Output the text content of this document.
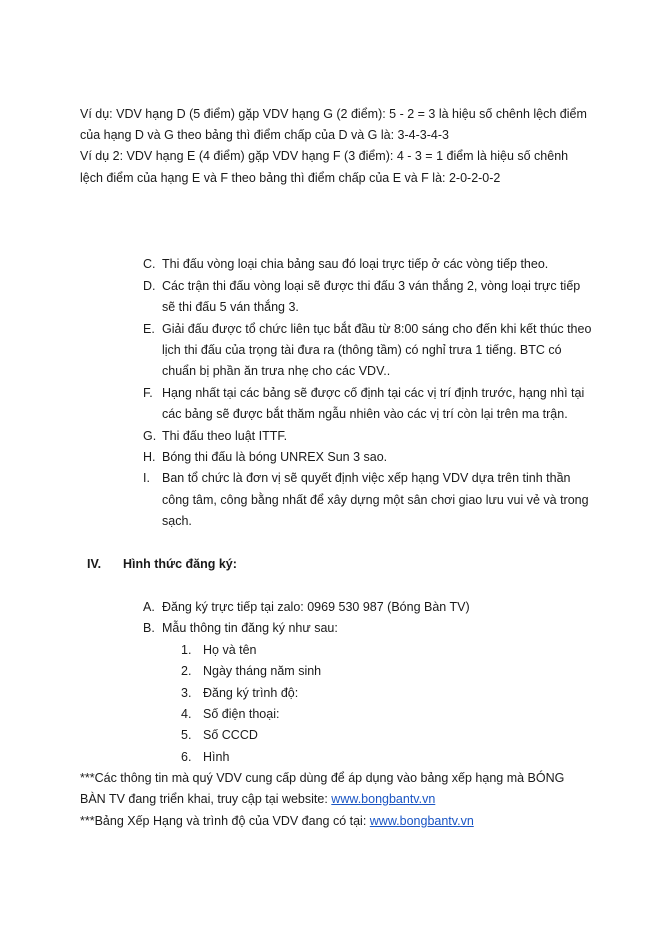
Ví dụ: VDV hạng D (5 điểm) gặp VDV hạng G (2 điểm): 5 - 2 = 3 là hiệu số chênh lệch điểm
của hạng D và G theo bảng thì điểm chấp của D và G là: 3-4-3-4-3
Ví dụ 2: VDV hạng E (4 điểm) gặp VDV hạng F (3 điểm): 4 - 3 = 1 điểm là hiệu số chênh
lệch điểm của hạng E và F theo bảng thì điểm chấp của E và F là: 2-0-2-0-2
C. Thi đấu vòng loại chia bảng sau đó loại trực tiếp ở các vòng tiếp theo.
D. Các trận thi đấu vòng loại sẽ được thi đấu 3 ván thắng 2, vòng loại trực tiếp
sẽ thi đấu 5 ván thắng 3.
E. Giải đấu được tổ chức liên tục bắt đầu từ 8:00 sáng cho đến khi kết thúc theo
lịch thi đấu của trọng tài đưa ra (thông tầm) có nghỉ trưa 1 tiếng. BTC có
chuẩn bị phần ăn trưa nhẹ cho các VDV..
F. Hạng nhất tại các bảng sẽ được cố định tại các vị trí định trước, hạng nhì tại
các bảng sẽ được bắt thăm ngẫu nhiên vào các vị trí còn lại trên ma trận.
G. Thi đấu theo luật ITTF.
H. Bóng thi đấu là bóng UNREX Sun 3 sao.
I. Ban tổ chức là đơn vị sẽ quyết định việc xếp hạng VDV dựa trên tinh thần
công tâm, công bằng nhất để xây dựng một sân chơi giao lưu vui vẻ và trong
sạch.
IV. Hình thức đăng ký:
A. Đăng ký trực tiếp tại zalo: 0969 530 987 (Bóng Bàn TV)
B. Mẫu thông tin đăng ký như sau:
1. Họ và tên
2. Ngày tháng năm sinh
3. Đăng ký trình độ:
4. Số điện thoại:
5. Số CCCD
6. Hình
***Các thông tin mà quý VDV cung cấp dùng để áp dụng vào bảng xếp hạng mà BÓNG
BÀN TV đang triển khai, truy cập tại website: www.bongbantv.vn
***Bảng Xếp Hạng và trình độ của VDV đang có tại: www.bongbantv.vn
